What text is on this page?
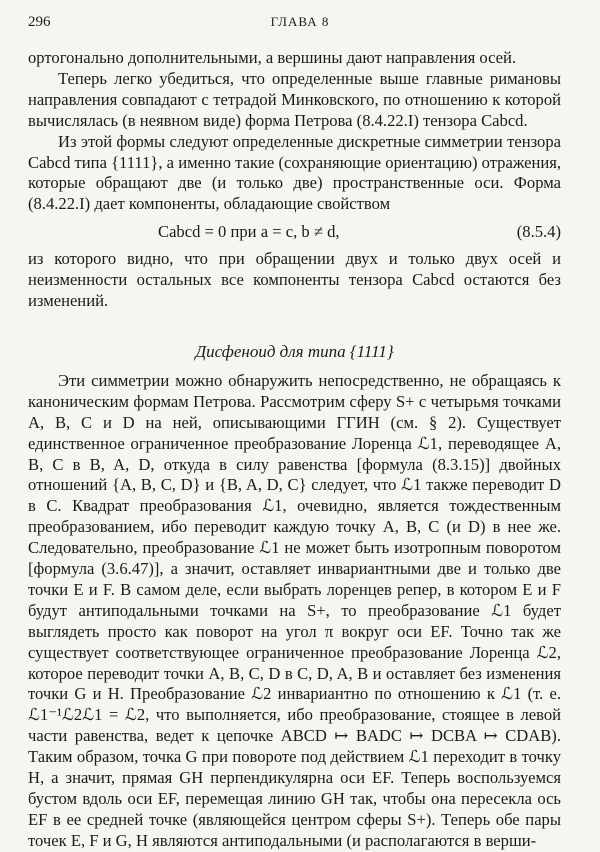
296	ГЛАВА 8

ортогонально дополнительными, а вершины дают направления осей.

Теперь легко убедиться, что определенные выше главные римановы направления совпадают с тетрадой Минковского, по отношению к которой вычислялась (в неявном виде) форма Петрова (8.4.22.I) тензора Cabcd.

Из этой формы следуют определенные дискретные симметрии тензора Cabcd типа {1111}, а именно такие (сохраняющие ориентацию) отражения, которые обращают две (и только две) пространственные оси. Форма (8.4.22.I) дает компоненты, обладающие свойством

Cabcd = 0 при a = c, b ≠ d,	(8.5.4)

из которого видно, что при обращении двух и только двух осей и неизменности остальных все компоненты тензора Cabcd остаются без изменений.

Дисфеноид для типа {1111}

Эти симметрии можно обнаружить непосредственно, не обращаясь к каноническим формам Петрова. Рассмотрим сферу S+ с четырьмя точками A, B, C и D на ней, описывающими ГГИН (см. § 2). Существует единственное ограниченное преобразование Лоренца ℒ1, переводящее A, B, C в B, A, D, откуда в силу равенства [формула (8.3.15)] двойных отношений {A, B, C, D} и {B, A, D, C} следует, что ℒ1 также переводит D в C. Квадрат преобразования ℒ1, очевидно, является тождественным преобразованием, ибо переводит каждую точку A, B, C (и D) в нее же. Следовательно, преобразование ℒ1 не может быть изотропным поворотом [формула (3.6.47)], а значит, оставляет инвариантными две и только две точки E и F. В самом деле, если выбрать лоренцев репер, в котором E и F будут антиподальными точками на S+, то преобразование ℒ1 будет выглядеть просто как поворот на угол π вокруг оси EF. Точно так же существует соответствующее ограниченное преобразование Лоренца ℒ2, которое переводит точки A, B, C, D в C, D, A, B и оставляет без изменения точки G и H. Преобразование ℒ2 инвариантно по отношению к ℒ1 (т. е. ℒ1⁻¹ℒ2ℒ1 = ℒ2, что выполняется, ибо преобразование, стоящее в левой части равенства, ведет к цепочке ABCD ↦ BADC ↦ DCBA ↦ CDAB). Таким образом, точка G при повороте под действием ℒ1 переходит в точку H, а значит, прямая GH перпендикулярна оси EF. Теперь воспользуемся бустом вдоль оси EF, перемещая линию GH так, чтобы она пересекла ось EF в ее средней точке (являющейся центром сферы S+). Теперь обе пары точек E, F и G, H являются антиподальными (и располагаются в верши-
